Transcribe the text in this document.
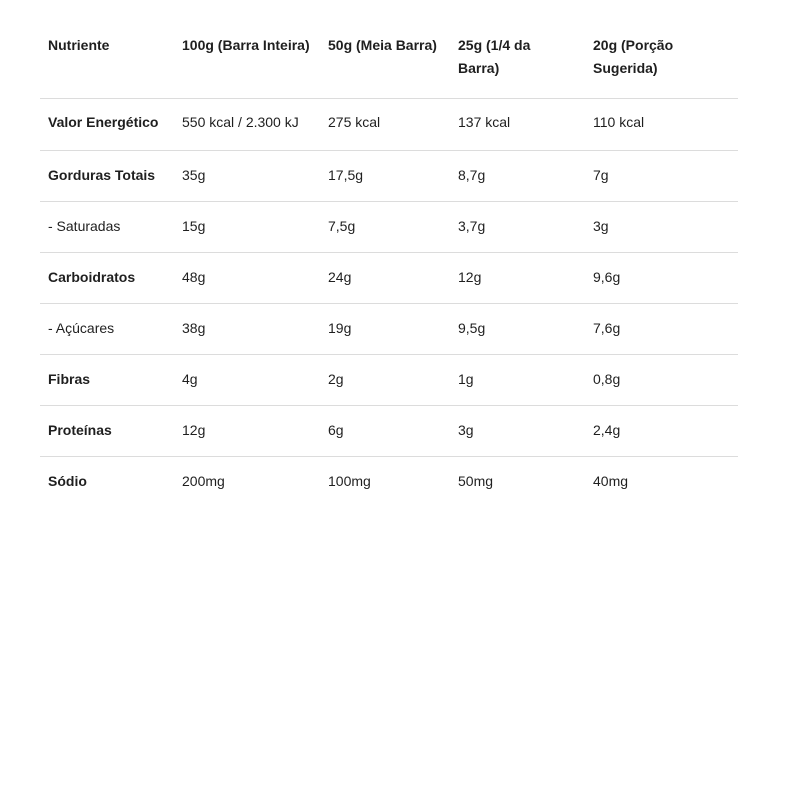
Nutriente	100g (Barra Inteira)	50g (Meia Barra)	25g (1/4 da Barra)	20g (Porção Sugerida)
Valor Energético	550 kcal / 2.300 kJ	275 kcal	137 kcal	110 kcal
Gorduras Totais	35g	17,5g	8,7g	7g
- Saturadas	15g	7,5g	3,7g	3g
Carboidratos	48g	24g	12g	9,6g
- Açúcares	38g	19g	9,5g	7,6g
Fibras	4g	2g	1g	0,8g
Proteínas	12g	6g	3g	2,4g
Sódio	200mg	100mg	50mg	40mg
